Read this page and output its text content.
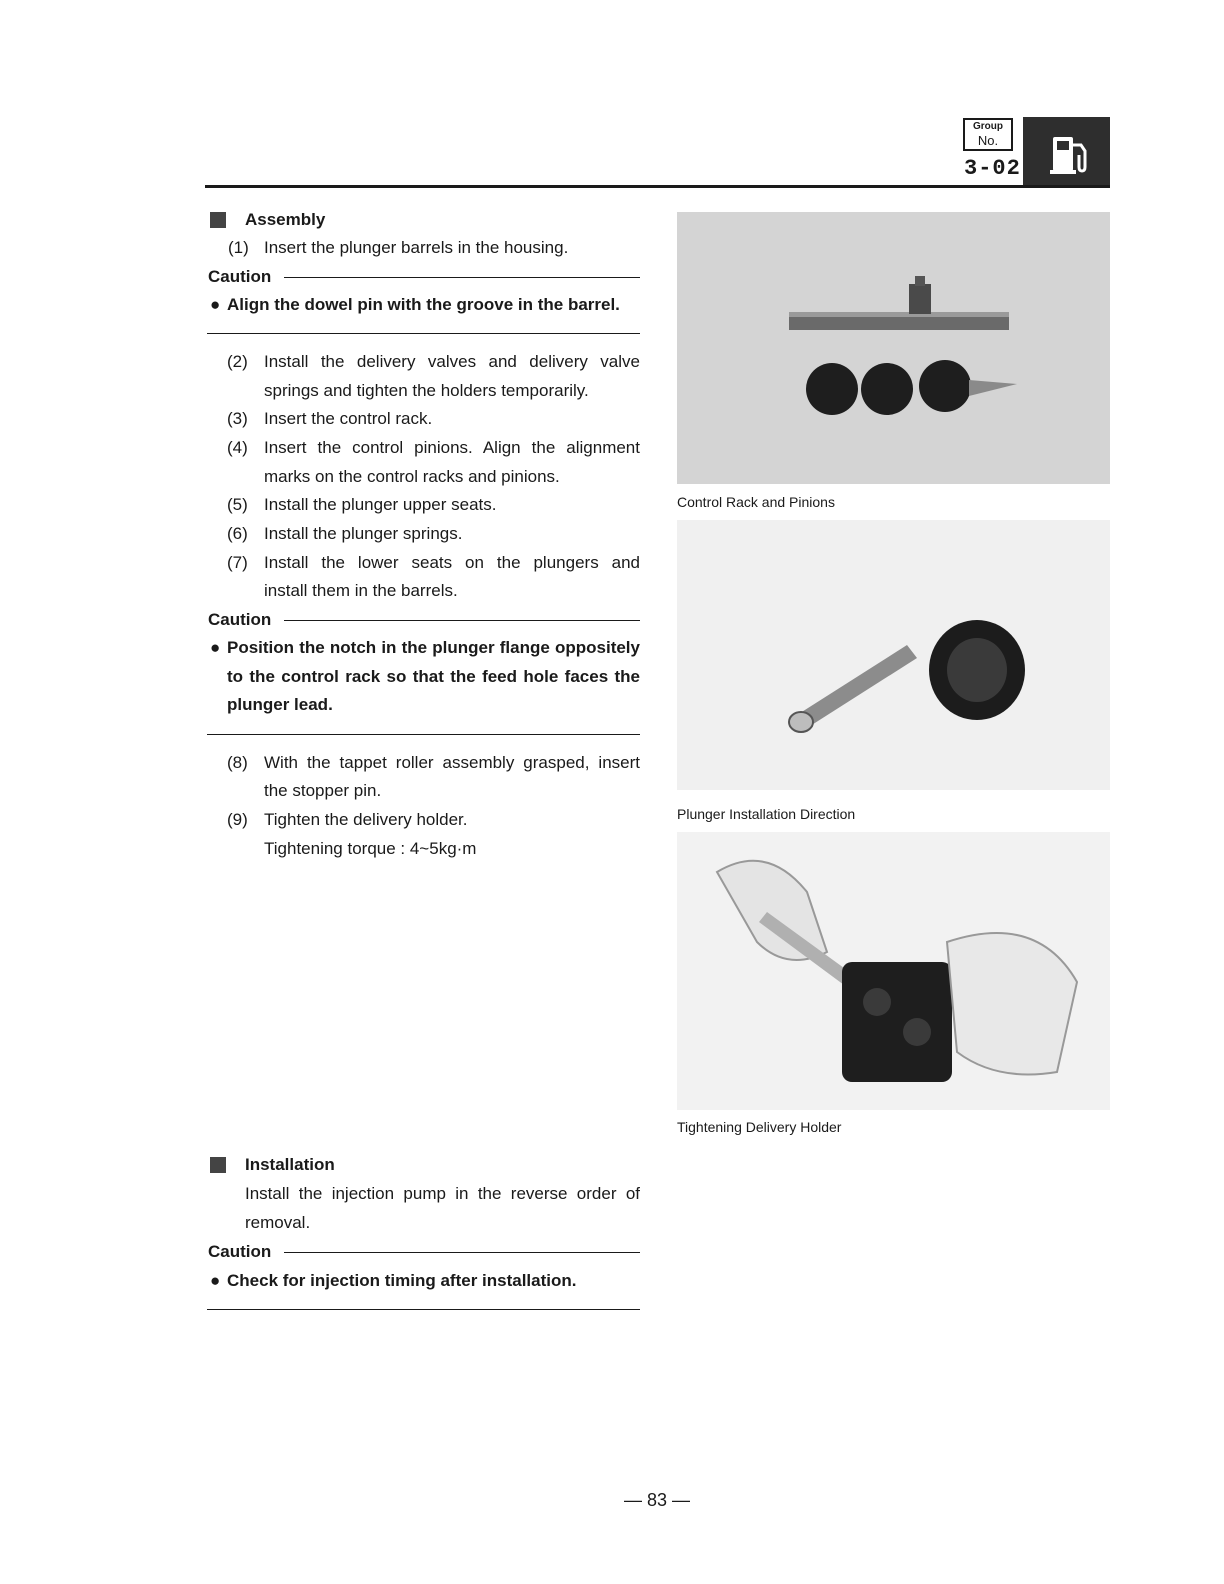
Group
No.
3-02
Assembly
(1) Insert the plunger barrels in the housing.
Caution
● Align the dowel pin with the groove in the barrel.
(2) Install the delivery valves and delivery valve
springs and tighten the holders temporarily.
(3) Insert the control rack.
(4) Insert the control pinions. Align the alignment
marks on the control racks and pinions.
(5) Install the plunger upper seats.
(6) Install the plunger springs.
(7) Install the lower seats on the plungers and
install them in the barrels.
Caution
● Position the notch in the plunger flange oppositely
to the control rack so that the feed hole faces the
plunger lead.
(8) With the tappet roller assembly grasped, insert
the stopper pin.
(9) Tighten the delivery holder.
Tightening torque : 4~5kg·m
Installation
Install the injection pump in the reverse order of
removal.
Caution
● Check for injection timing after installation.
Control Rack and Pinions
Plunger Installation Direction
Tightening Delivery Holder
— 83 —
